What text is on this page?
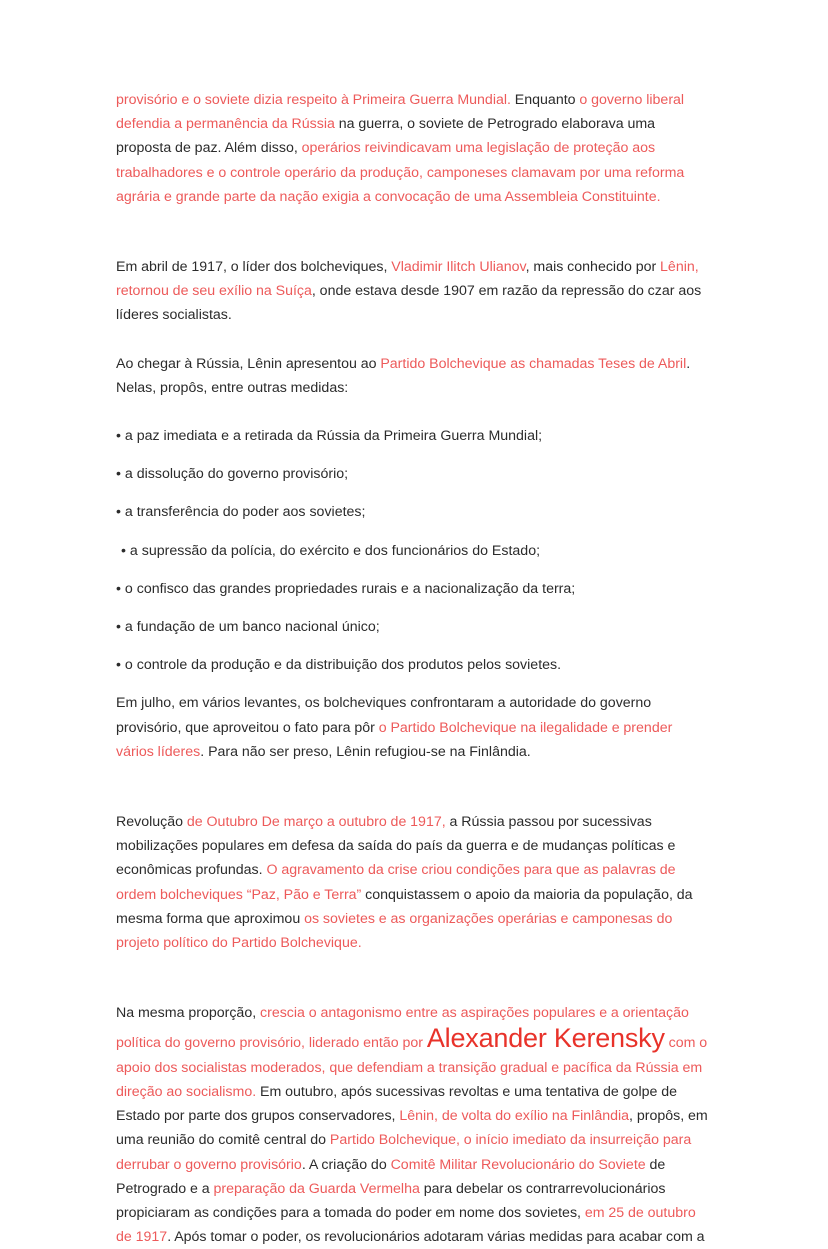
provisório e o soviete dizia respeito à Primeira Guerra Mundial. Enquanto o governo liberal defendia a permanência da Rússia na guerra, o soviete de Petrogrado elaborava uma proposta de paz. Além disso, operários reivindicavam uma legislação de proteção aos trabalhadores e o controle operário da produção, camponeses clamavam por uma reforma agrária e grande parte da nação exigia a convocação de uma Assembleia Constituinte.

Em abril de 1917, o líder dos bolcheviques, Vladimir Ilitch Ulianov, mais conhecido por Lênin, retornou de seu exílio na Suíça, onde estava desde 1907 em razão da repressão do czar aos líderes socialistas.

Ao chegar à Rússia, Lênin apresentou ao Partido Bolchevique as chamadas Teses de Abril. Nelas, propôs, entre outras medidas:

• a paz imediata e a retirada da Rússia da Primeira Guerra Mundial;

• a dissolução do governo provisório;

• a transferência do poder aos sovietes;

• a supressão da polícia, do exército e dos funcionários do Estado;

• o confisco das grandes propriedades rurais e a nacionalização da terra;

• a fundação de um banco nacional único;

• o controle da produção e da distribuição dos produtos pelos sovietes.

Em julho, em vários levantes, os bolcheviques confrontaram a autoridade do governo provisório, que aproveitou o fato para pôr o Partido Bolchevique na ilegalidade e prender vários líderes. Para não ser preso, Lênin refugiou-se na Finlândia.

Revolução de Outubro De março a outubro de 1917, a Rússia passou por sucessivas mobilizações populares em defesa da saída do país da guerra e de mudanças políticas e econômicas profundas. O agravamento da crise criou condições para que as palavras de ordem bolcheviques “Paz, Pão e Terra” conquistassem o apoio da maioria da população, da mesma forma que aproximou os sovietes e as organizações operárias e camponesas do projeto político do Partido Bolchevique.

Na mesma proporção, crescia o antagonismo entre as aspirações populares e a orientação política do governo provisório, liderado então por Alexander Kerensky com o apoio dos socialistas moderados, que defendiam a transição gradual e pacífica da Rússia em direção ao socialismo. Em outubro, após sucessivas revoltas e uma tentativa de golpe de Estado por parte dos grupos conservadores, Lênin, de volta do exílio na Finlândia, propôs, em uma reunião do comitê central do Partido Bolchevique, o início imediato da insurreição para derrubar o governo provisório. A criação do Comitê Militar Revolucionário do Soviete de Petrogrado e a preparação da Guarda Vermelha para debelar os contrarrevolucionários propiciaram as condições para a tomada do poder em nome dos sovietes, em 25 de outubro de 1917. Após tomar o poder, os revolucionários adotaram várias medidas para acabar com a
